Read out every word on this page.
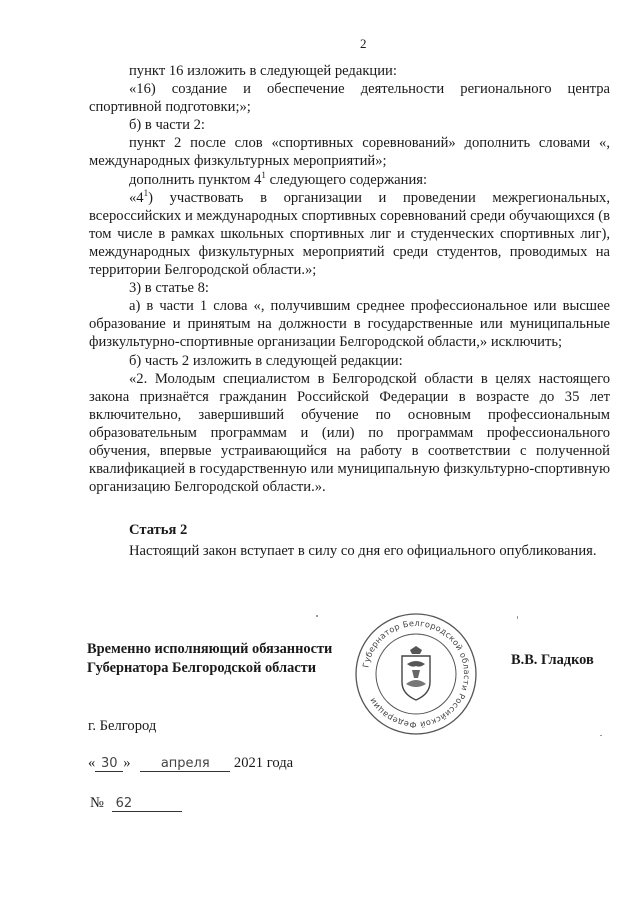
2

пункт 16 изложить в следующей редакции:

«16) создание и обеспечение деятельности регионального центра спортивной подготовки;»;

б) в части 2:

пункт 2 после слов «спортивных соревнований» дополнить словами «, международных физкультурных мероприятий»;

дополнить пунктом $4^1$ следующего содержания:

«$4^1$) участвовать в организации и проведении межрегиональных, всероссийских и международных спортивных соревнований среди обучающихся (в том числе в рамках школьных спортивных лиг и студенческих спортивных лиг), международных физкультурных мероприятий среди студентов, проводимых на территории Белгородской области.»;

3) в статье 8:

а) в части 1 слова «, получившим среднее профессиональное или высшее образование и принятым на должности в государственные или муниципальные физкультурно-спортивные организации Белгородской области,» исключить;

б) часть 2 изложить в следующей редакции:

«2. Молодым специалистом в Белгородской области в целях настоящего закона признаётся гражданин Российской Федерации в возрасте до 35 лет включительно, завершивший обучение по основным профессиональным образовательным программам и (или) по программам профессионального обучения, впервые устраивающийся на работу в соответствии с полученной квалификацией в государственную или муниципальную физкультурно-спортивную организацию Белгородской области.».

Статья 2

Настоящий закон вступает в силу со дня его официального опубликования.

Временно исполняющий обязанности
Губернатора Белгородской области	Губернатор Белгородской области Российской Федерации
В.В. Гладков
г. Белгород
« 30 » апреля 2021 года
№ 62
